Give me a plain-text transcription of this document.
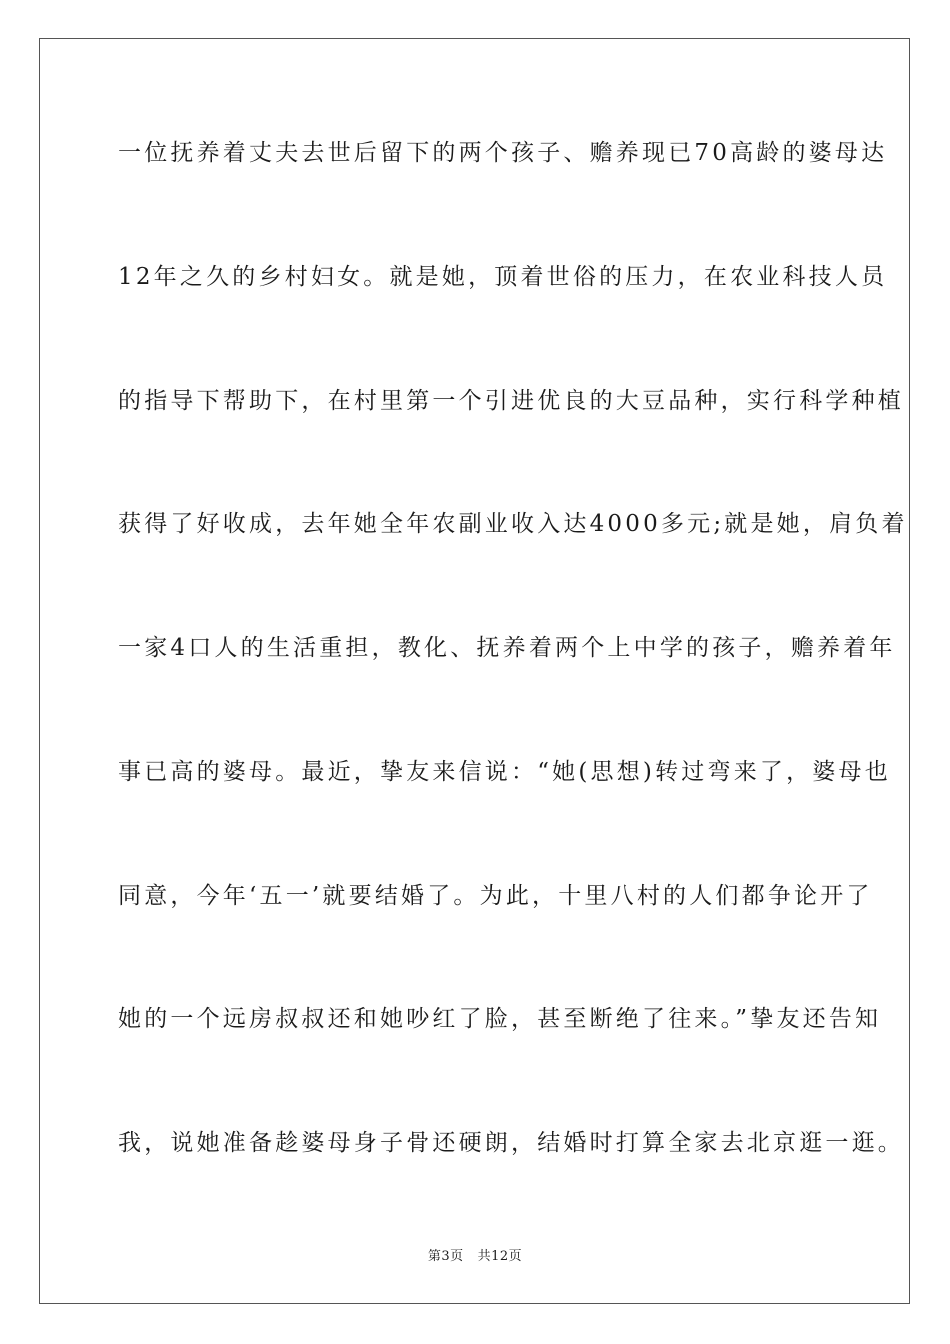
一位抚养着丈夫去世后留下的两个孩子、赡养现已70高龄的婆母达
12年之久的乡村妇女。就是她，顶着世俗的压力，在农业科技人员
的指导下帮助下，在村里第一个引进优良的大豆品种，实行科学种植
获得了好收成，去年她全年农副业收入达4000多元;就是她，肩负着
一家4口人的生活重担，教化、抚养着两个上中学的孩子，赡养着年
事已高的婆母。最近，挚友来信说：“她(思想)转过弯来了，婆母也
同意，今年‘五一’就要结婚了。为此，十里八村的人们都争论开了
她的一个远房叔叔还和她吵红了脸，甚至断绝了往来。”挚友还告知
我，说她准备趁婆母身子骨还硬朗，结婚时打算全家去北京逛一逛。
第3页 共12页
